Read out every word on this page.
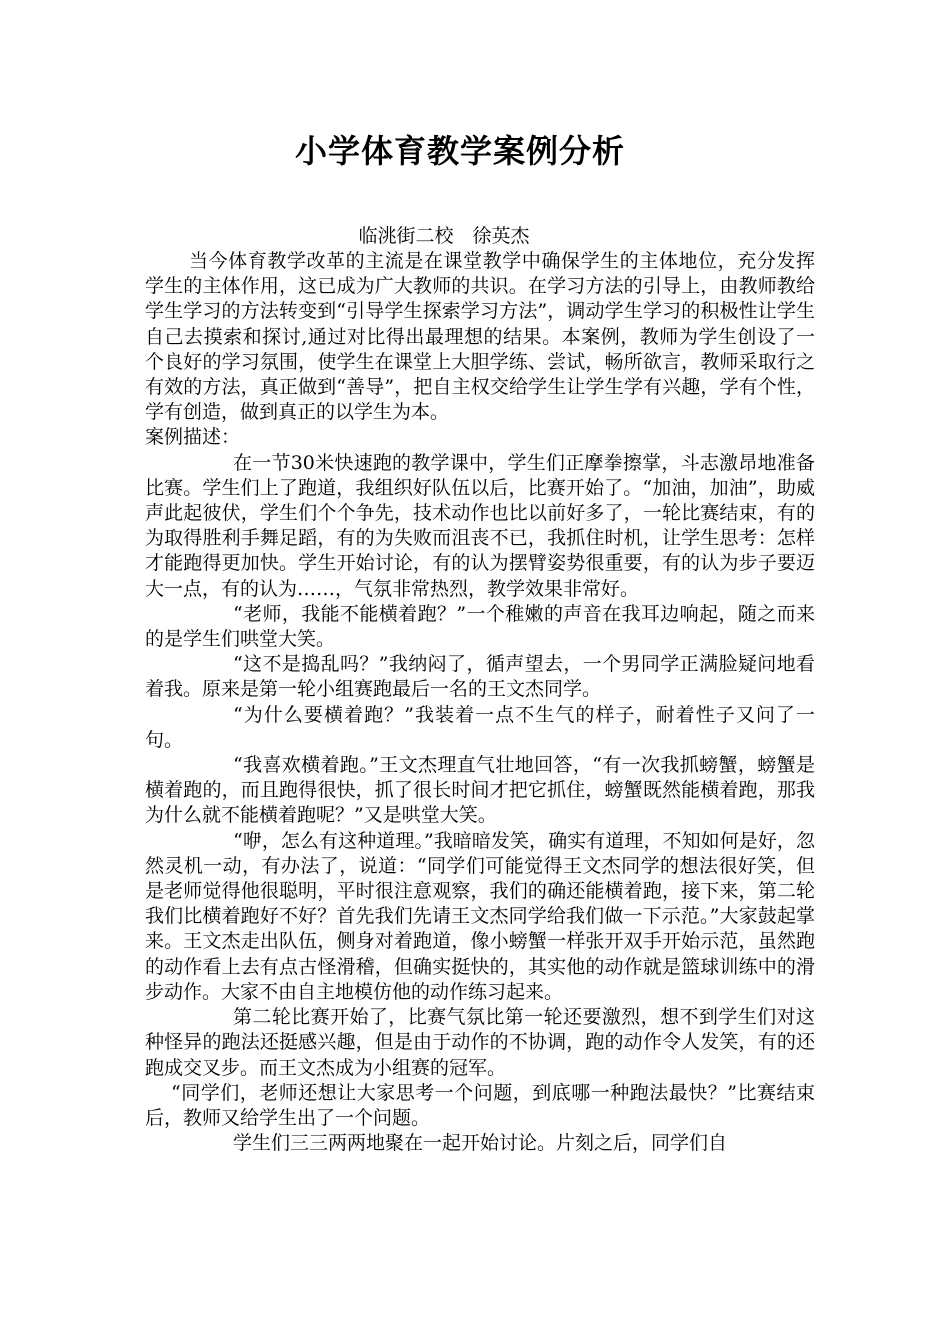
小学体育教学案例分析
临洮街二校　徐英杰

当今体育教学改革的主流是在课堂教学中确保学生的主体地位，充分发挥学生的主体作用，这已成为广大教师的共识。在学习方法的引导上，由教师教给学生学习的方法转变到“引导学生探索学习方法”，调动学生学习的积极性让学生自己去摸索和探讨,通过对比得出最理想的结果。本案例，教师为学生创设了一个良好的学习氛围，使学生在课堂上大胆学练、尝试，畅所欲言，教师采取行之有效的方法，真正做到“善导”，把自主权交给学生让学生学有兴趣，学有个性，学有创造，做到真正的以学生为本。

案例描述：

在一节30米快速跑的教学课中，学生们正摩拳擦掌，斗志激昂地准备比赛。学生们上了跑道，我组织好队伍以后，比赛开始了。“加油，加油”，助威声此起彼伏，学生们个个争先，技术动作也比以前好多了，一轮比赛结束，有的为取得胜利手舞足蹈，有的为失败而沮丧不已，我抓住时机，让学生思考：怎样才能跑得更加快。学生开始讨论，有的认为摆臂姿势很重要，有的认为步子要迈大一点，有的认为……，气氛非常热烈，教学效果非常好。

“老师，我能不能横着跑？”一个稚嫩的声音在我耳边响起，随之而来的是学生们哄堂大笑。

“这不是捣乱吗？”我纳闷了，循声望去，一个男同学正满脸疑问地看着我。原来是第一轮小组赛跑最后一名的王文杰同学。

“为什么要横着跑？”我装着一点不生气的样子，耐着性子又问了一句。

“我喜欢横着跑。”王文杰理直气壮地回答，“有一次我抓螃蟹，螃蟹是横着跑的，而且跑得很快，抓了很长时间才把它抓住，螃蟹既然能横着跑，那我为什么就不能横着跑呢？”又是哄堂大笑。

“咿，怎么有这种道理。”我暗暗发笑，确实有道理，不知如何是好，忽然灵机一动，有办法了，说道：“同学们可能觉得王文杰同学的想法很好笑，但是老师觉得他很聪明，平时很注意观察，我们的确还能横着跑，接下来，第二轮我们比横着跑好不好？首先我们先请王文杰同学给我们做一下示范。”大家鼓起掌来。王文杰走出队伍，侧身对着跑道，像小螃蟹一样张开双手开始示范，虽然跑的动作看上去有点古怪滑稽，但确实挺快的，其实他的动作就是篮球训练中的滑步动作。大家不由自主地模仿他的动作练习起来。

第二轮比赛开始了，比赛气氛比第一轮还要激烈，想不到学生们对这种怪异的跑法还挺感兴趣，但是由于动作的不协调，跑的动作令人发笑，有的还跑成交叉步。而王文杰成为小组赛的冠军。

“同学们，老师还想让大家思考一个问题，到底哪一种跑法最快？”比赛结束后，教师又给学生出了一个问题。

学生们三三两两地聚在一起开始讨论。片刻之后，同学们自
